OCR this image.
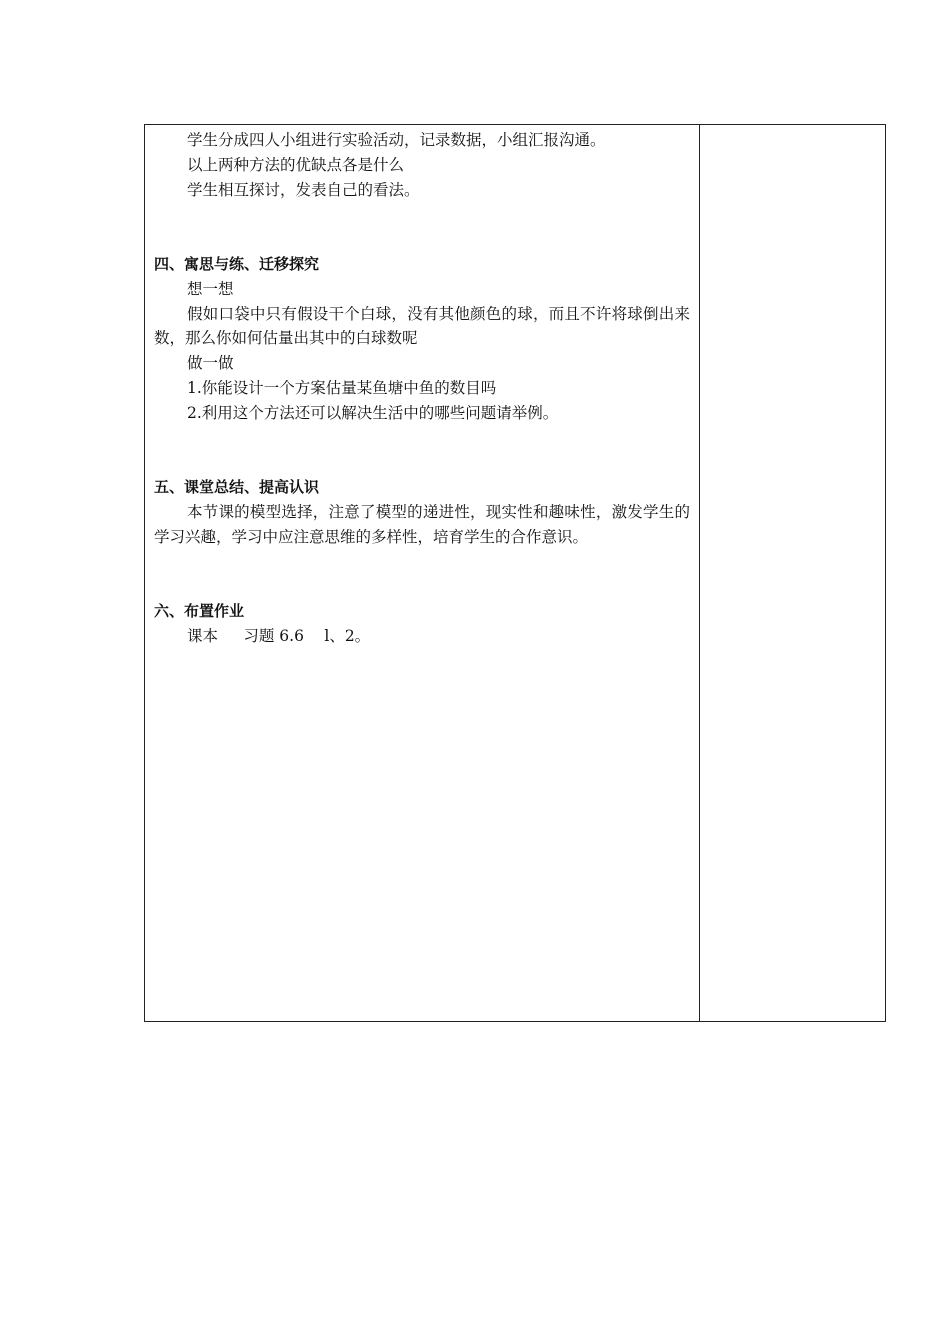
学生分成四人小组进行实验活动，记录数据，小组汇报沟通。

以上两种方法的优缺点各是什么

学生相互探讨，发表自己的看法。

四、寓思与练、迁移探究

想一想

假如口袋中只有假设干个白球，没有其他颜色的球，而且不许将球倒出来数，那么你如何估量出其中的白球数呢

做一做

1.你能设计一个方案估量某鱼塘中鱼的数目吗

2.利用这个方法还可以解决生活中的哪些问题请举例。

五、课堂总结、提高认识

本节课的模型选择，注意了模型的递进性，现实性和趣味性，激发学生的学习兴趣，学习中应注意思维的多样性，培育学生的合作意识。

六、布置作业

课本　  习题 6.6　 l、2。
